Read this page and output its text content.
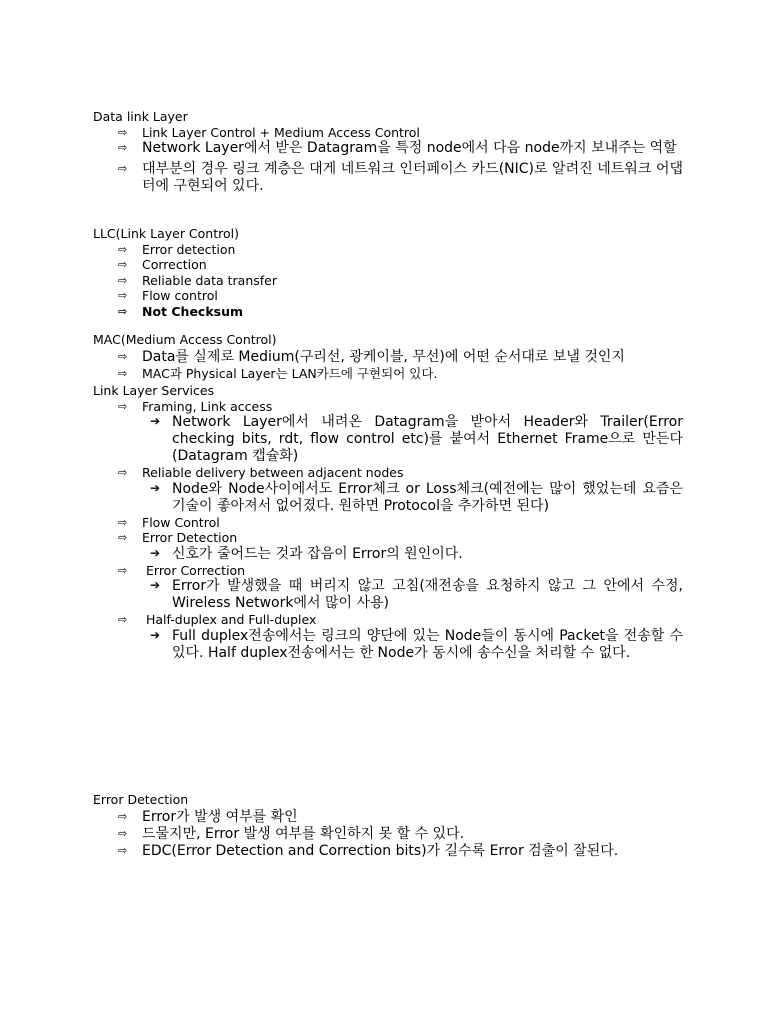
Data link Layer
⇨ Link Layer Control + Medium Access Control
⇨ Network Layer에서 받은 Datagram을 특정 node에서 다음 node까지 보내주는 역할
⇨ 대부분의 경우 링크 계층은 대게 네트워크 인터페이스 카드(NIC)로 알려진 네트워크 어댑터에 구현되어 있다.
LLC(Link Layer Control)
⇨ Error detection
⇨ Correction
⇨ Reliable data transfer
⇨ Flow control
⇨ Not Checksum
MAC(Medium Access Control)
⇨ Data를 실제로 Medium(구리선, 광케이블, 무선)에 어떤 순서대로 보낼 것인지
⇨ MAC과 Physical Layer는 LAN카드에 구현되어 있다.
Link Layer Services
⇨ Framing, Link access
➔ Network Layer에서 내려온 Datagram을 받아서 Header와 Trailer(Error checking bits, rdt, flow control etc)를 붙여서 Ethernet Frame으로 만든다(Datagram 캡슐화)
⇨ Reliable delivery between adjacent nodes
➔ Node와 Node사이에서도 Error체크 or Loss체크(예전에는 많이 했었는데 요즘은 기술이 좋아져서 없어졌다. 원하면 Protocol을 추가하면 된다)
⇨ Flow Control
⇨ Error Detection
➔ 신호가 줄어드는 것과 잡음이 Error의 원인이다.
⇨ Error Correction
➔ Error가 발생했을 때 버리지 않고 고침(재전송을 요청하지 않고 그 안에서 수정, Wireless Network에서 많이 사용)
⇨ Half-duplex and Full-duplex
➔ Full duplex전송에서는 링크의 양단에 있는 Node들이 동시에 Packet을 전송할 수 있다. Half duplex전송에서는 한 Node가 동시에 송수신을 처리할 수 없다.
Error Detection
⇨ Error가 발생 여부를 확인
⇨ 드물지만, Error 발생 여부를 확인하지 못 할 수 있다.
⇨ EDC(Error Detection and Correction bits)가 길수록 Error 검출이 잘된다.
